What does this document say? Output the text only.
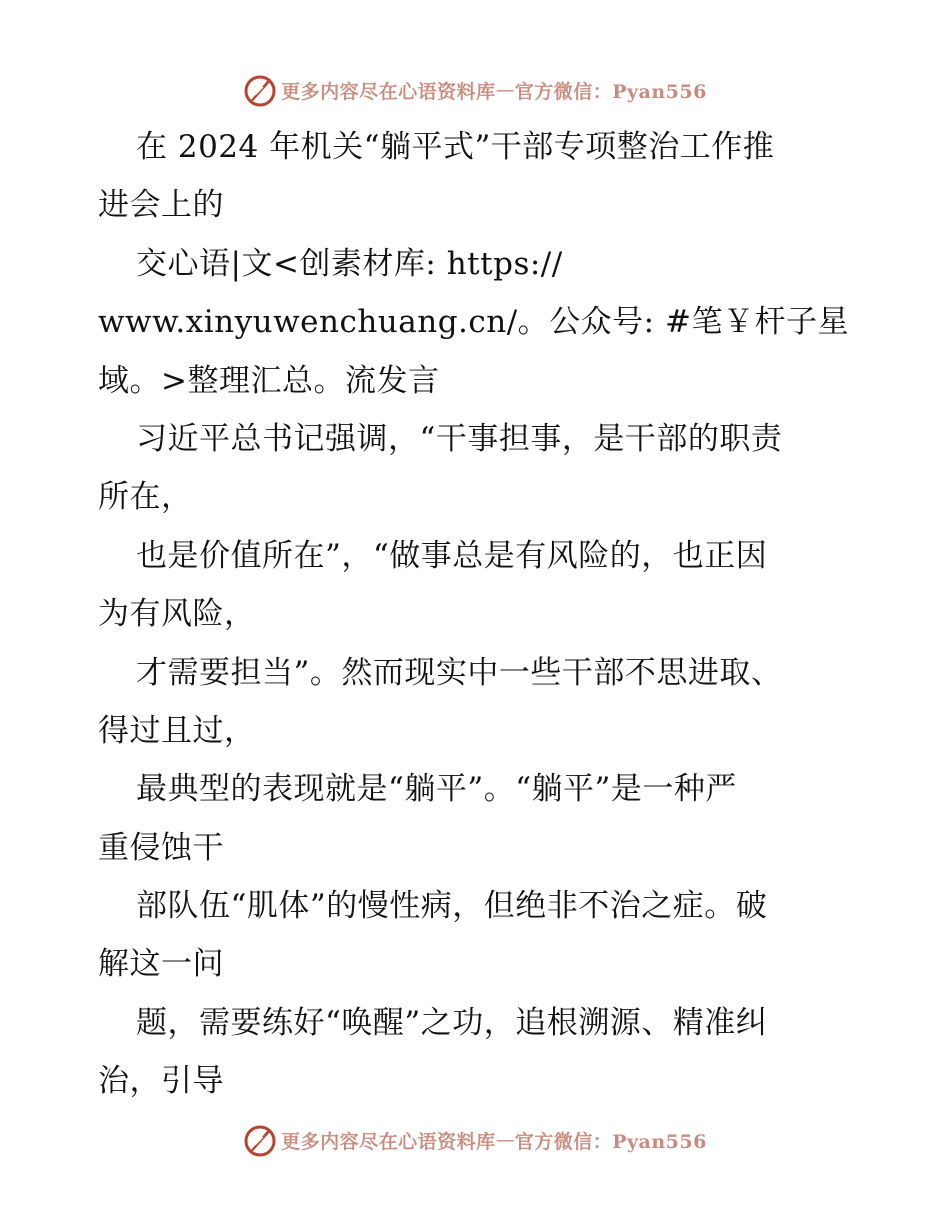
更多内容尽在心语资料库 — 官方微信：Pyan556
在 2024 年机关“躺平式”干部专项整治工作推
进会上的
交心语|文<创素材库: https://
www.xinyuwenchuang.cn/。公众号: #笔￥杆子星
域。>整理汇总。流发言
习近平总书记强调，“干事担事，是干部的职责
所在，
也是价值所在”，“做事总是有风险的，也正因
为有风险，
才需要担当”。然而现实中一些干部不思进取、
得过且过，
最典型的表现就是“躺平”。“躺平”是一种严
重侵蚀干
部队伍“肌体”的慢性病，但绝非不治之症。破
解这一问
题，需要练好“唤醒”之功，追根溯源、精准纠
治，引导
更多内容尽在心语资料库 — 官方微信：Pyan556
